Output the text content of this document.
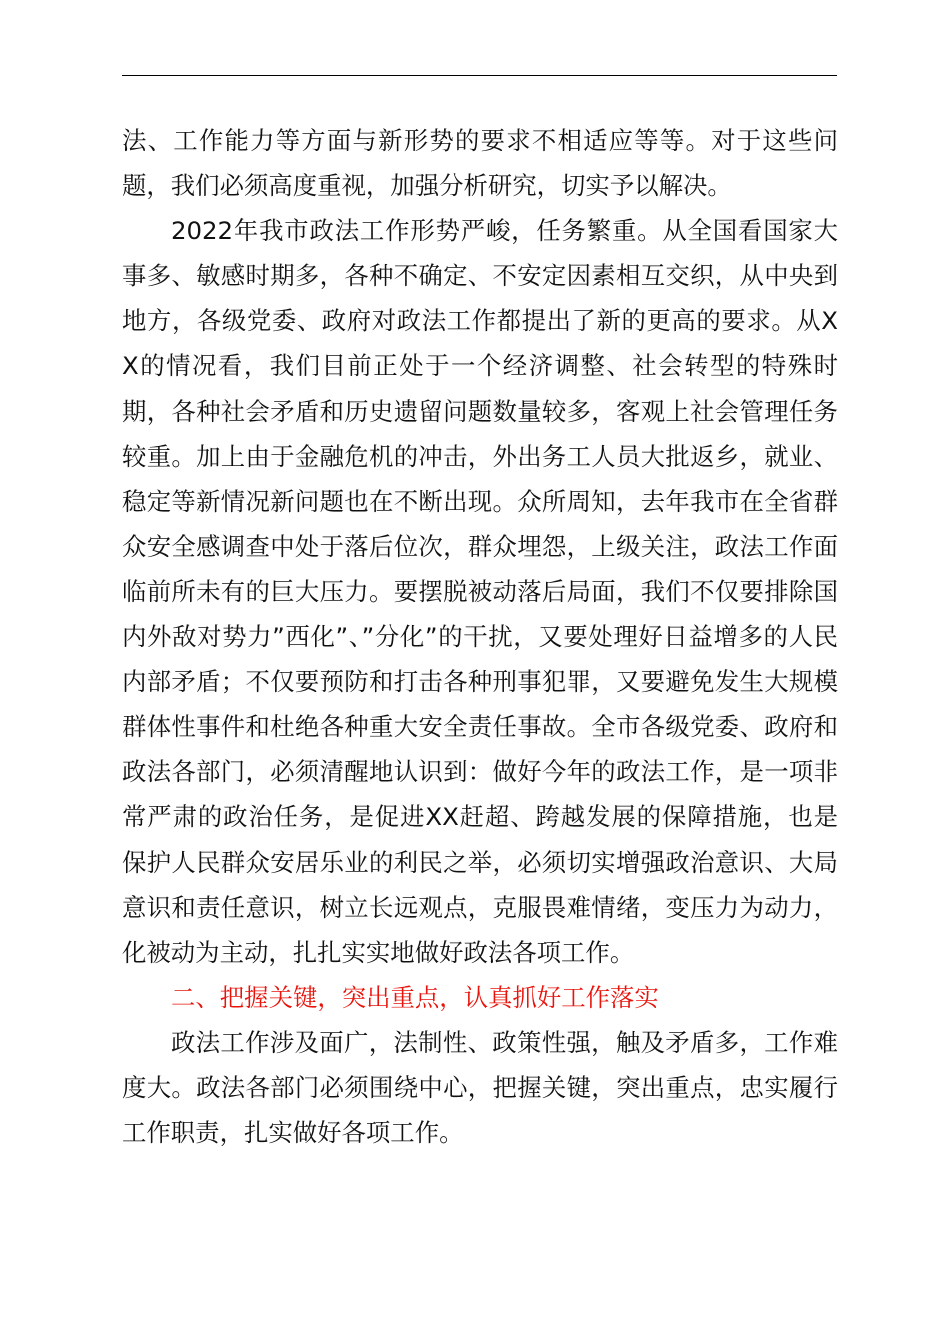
法、工作能力等方面与新形势的要求不相适应等等。对于这些问题，我们必须高度重视，加强分析研究，切实予以解决。

2022年我市政法工作形势严峻，任务繁重。从全国看国家大事多、敏感时期多，各种不确定、不安定因素相互交织，从中央到地方，各级党委、政府对政法工作都提出了新的更高的要求。从XX的情况看，我们目前正处于一个经济调整、社会转型的特殊时期，各种社会矛盾和历史遗留问题数量较多，客观上社会管理任务较重。加上由于金融危机的冲击，外出务工人员大批返乡，就业、稳定等新情况新问题也在不断出现。众所周知，去年我市在全省群众安全感调查中处于落后位次，群众埋怨，上级关注，政法工作面临前所未有的巨大压力。要摆脱被动落后局面，我们不仅要排除国内外敌对势力”西化”、”分化”的干扰，又要处理好日益增多的人民内部矛盾；不仅要预防和打击各种刑事犯罪，又要避免发生大规模群体性事件和杜绝各种重大安全责任事故。全市各级党委、政府和政法各部门，必须清醒地认识到：做好今年的政法工作，是一项非常严肃的政治任务，是促进XX赶超、跨越发展的保障措施，也是保护人民群众安居乐业的利民之举，必须切实增强政治意识、大局意识和责任意识，树立长远观点，克服畏难情绪，变压力为动力，化被动为主动，扎扎实实地做好政法各项工作。

二、把握关键，突出重点，认真抓好工作落实

政法工作涉及面广，法制性、政策性强，触及矛盾多，工作难度大。政法各部门必须围绕中心，把握关键，突出重点，忠实履行工作职责，扎实做好各项工作。
